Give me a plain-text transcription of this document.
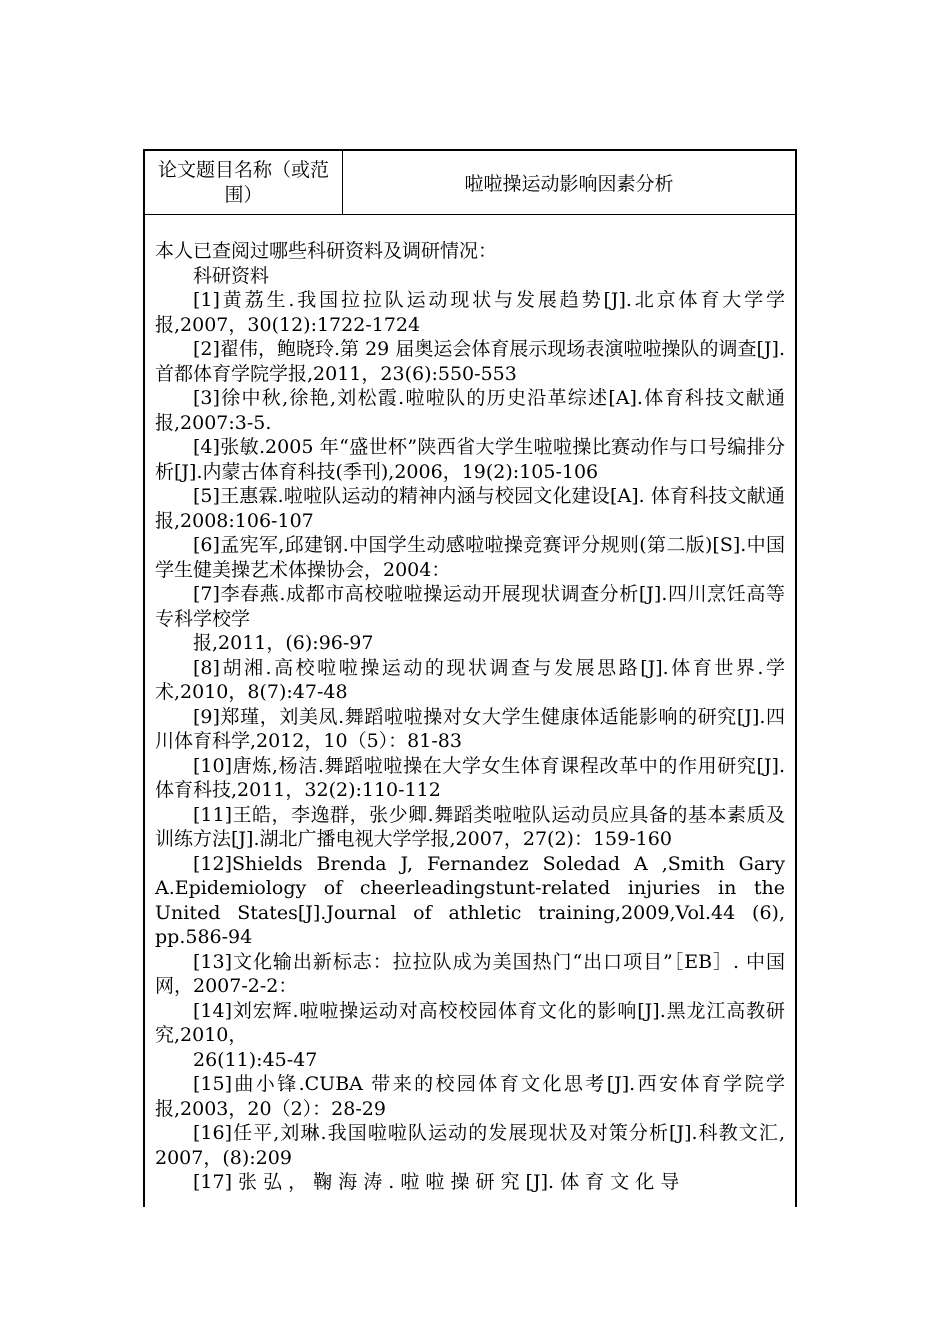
论文题目名称（或范围）	啦啦操运动影响因素分析

本人已查阅过哪些科研资料及调研情况：

科研资料

[1]黄荔生.我国拉拉队运动现状与发展趋势[J].北京体育大学学报,2007，30(12):1722-1724
[2]翟伟，鲍晓玲.第 29 届奥运会体育展示现场表演啦啦操队的调查[J].首都体育学院学报,2011，23(6):550-553
[3]徐中秋,徐艳,刘松霞.啦啦队的历史沿革综述[A].体育科技文献通报,2007:3-5.
[4]张敏.2005 年“盛世杯”陕西省大学生啦啦操比赛动作与口号编排分析[J].内蒙古体育科技(季刊),2006，19(2):105-106
[5]王惠霖.啦啦队运动的精神内涵与校园文化建设[A]. 体育科技文献通报,2008:106-107
[6]孟宪军,邱建钢.中国学生动感啦啦操竞赛评分规则(第二版)[S].中国学生健美操艺术体操协会，2004：
[7]李春燕.成都市高校啦啦操运动开展现状调查分析[J].四川烹饪高等专科学校学
报,2011，(6):96-97
[8]胡湘.高校啦啦操运动的现状调查与发展思路[J].体育世界.学术,2010，8(7):47-48
[9]郑瑾，刘美凤.舞蹈啦啦操对女大学生健康体适能影响的研究[J].四川体育科学,2012，10（5）：81-83
[10]唐炼,杨洁.舞蹈啦啦操在大学女生体育课程改革中的作用研究[J].体育科技,2011，32(2):110-112
[11]王皓，李逸群，张少卿.舞蹈类啦啦队运动员应具备的基本素质及训练方法[J].湖北广播电视大学学报,2007，27(2)：159-160
[12]Shields Brenda J, Fernandez Soledad A ,Smith Gary A.Epidemiology of cheerleadingstunt-related injuries in the United States[J].Journal of athletic training,2009,Vol.44 (6), pp.586-94
[13]文化输出新标志：拉拉队成为美国热门“出口项目”［EB］. 中国网，2007-2-2：
[14]刘宏辉.啦啦操运动对高校校园体育文化的影响[J].黑龙江高教研究,2010，
26(11):45-47
[15]曲小锋.CUBA 带来的校园体育文化思考[J].西安体育学院学报,2003，20（2）：28-29
[16]任平,刘琳.我国啦啦队运动的发展现状及对策分析[J].科教文汇, 2007，(8):209
[17] 张 弘 ， 鞠 海 涛 . 啦 啦 操 研 究 [J]. 体 育 文 化 导
